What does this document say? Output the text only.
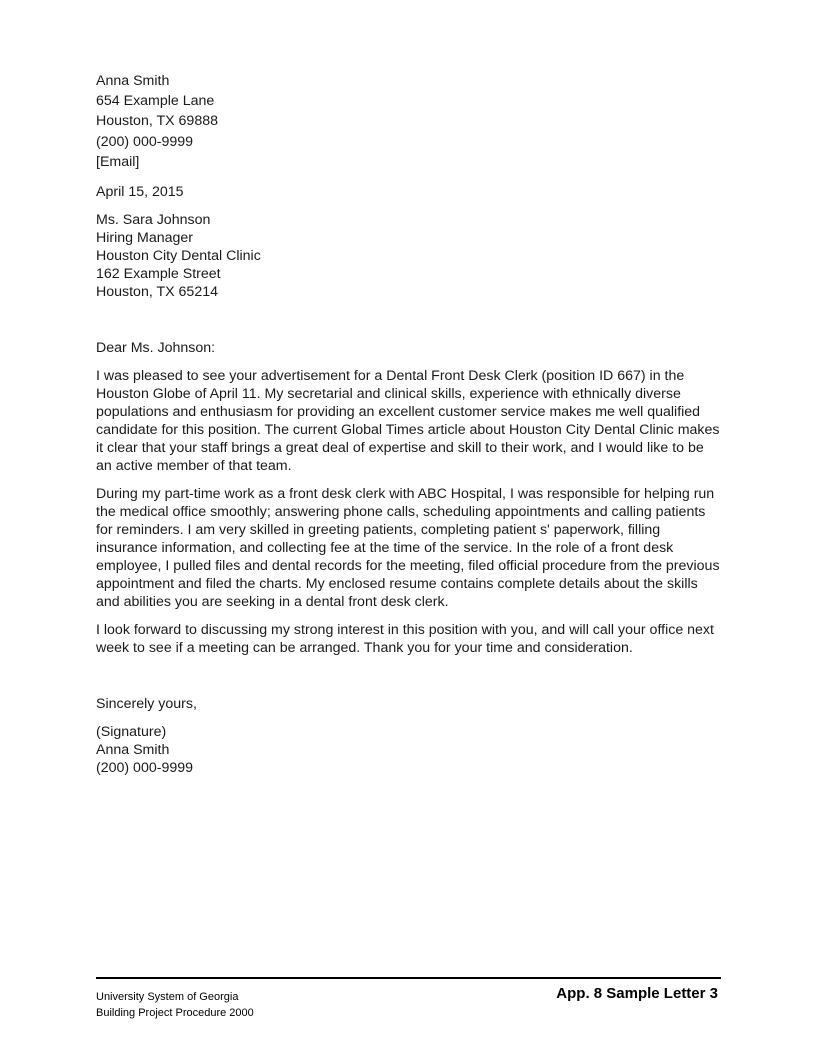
Anna Smith
654 Example Lane
Houston, TX 69888
(200) 000-9999
[Email]
April 15, 2015
Ms. Sara Johnson
Hiring Manager
Houston City Dental Clinic
162 Example Street
Houston, TX 65214
Dear Ms. Johnson:
I was pleased to see your advertisement for a Dental Front Desk Clerk (position ID 667) in the Houston Globe of April 11. My secretarial and clinical skills, experience with ethnically diverse populations and enthusiasm for providing an excellent customer service makes me well qualified candidate for this position. The current Global Times article about Houston City Dental Clinic makes it clear that your staff brings a great deal of expertise and skill to their work, and I would like to be an active member of that team.
During my part-time work as a front desk clerk with ABC Hospital, I was responsible for helping run the medical office smoothly; answering phone calls, scheduling appointments and calling patients for reminders. I am very skilled in greeting patients, completing patient s' paperwork, filling insurance information, and collecting fee at the time of the service. In the role of a front desk employee, I pulled files and dental records for the meeting, filed official procedure from the previous appointment and filed the charts. My enclosed resume contains complete details about the skills and abilities you are seeking in a dental front desk clerk.
I look forward to discussing my strong interest in this position with you, and will call your office next week to see if a meeting can be arranged. Thank you for your time and consideration.
Sincerely yours,
(Signature)
Anna Smith
(200) 000-9999
University System of Georgia
Building Project Procedure 2000
App. 8 Sample Letter 3
